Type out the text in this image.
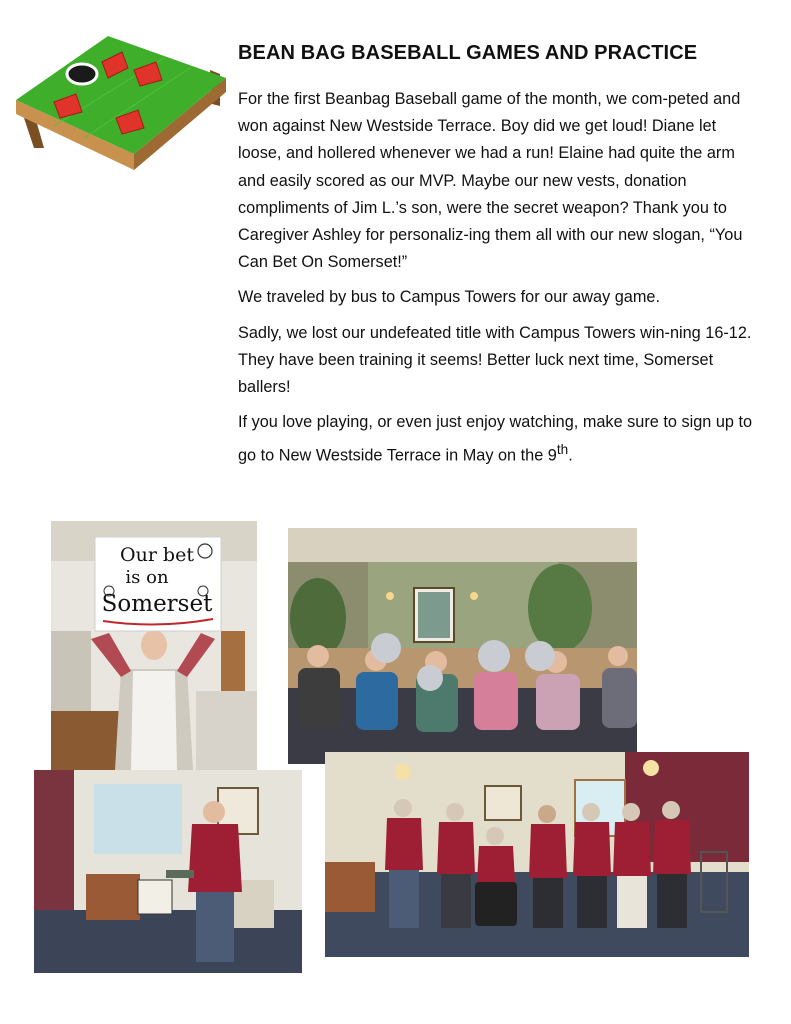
BEAN BAG BASEBALL GAMES AND PRACTICE

For the first Beanbag Baseball game of the month, we com-peted and won against New Westside Terrace. Boy did we get loud! Diane let loose, and hollered whenever we had a run! Elaine had quite the arm and easily scored as our MVP. Maybe our new vests, donation compliments of Jim L.’s son, were the secret weapon? Thank you to Caregiver Ashley for personaliz-ing them all with our new slogan, “You Can Bet On Somerset!”

We traveled by bus to Campus Towers for our away game.

Sadly, we lost our undefeated title with Campus Towers win-ning 16-12. They have been training it seems! Better luck next time, Somerset ballers!

If you love playing, or even just enjoy watching, make sure to sign up to go to New Westside Terrace in May on the 9th.

Our bet
is on
Somerset
